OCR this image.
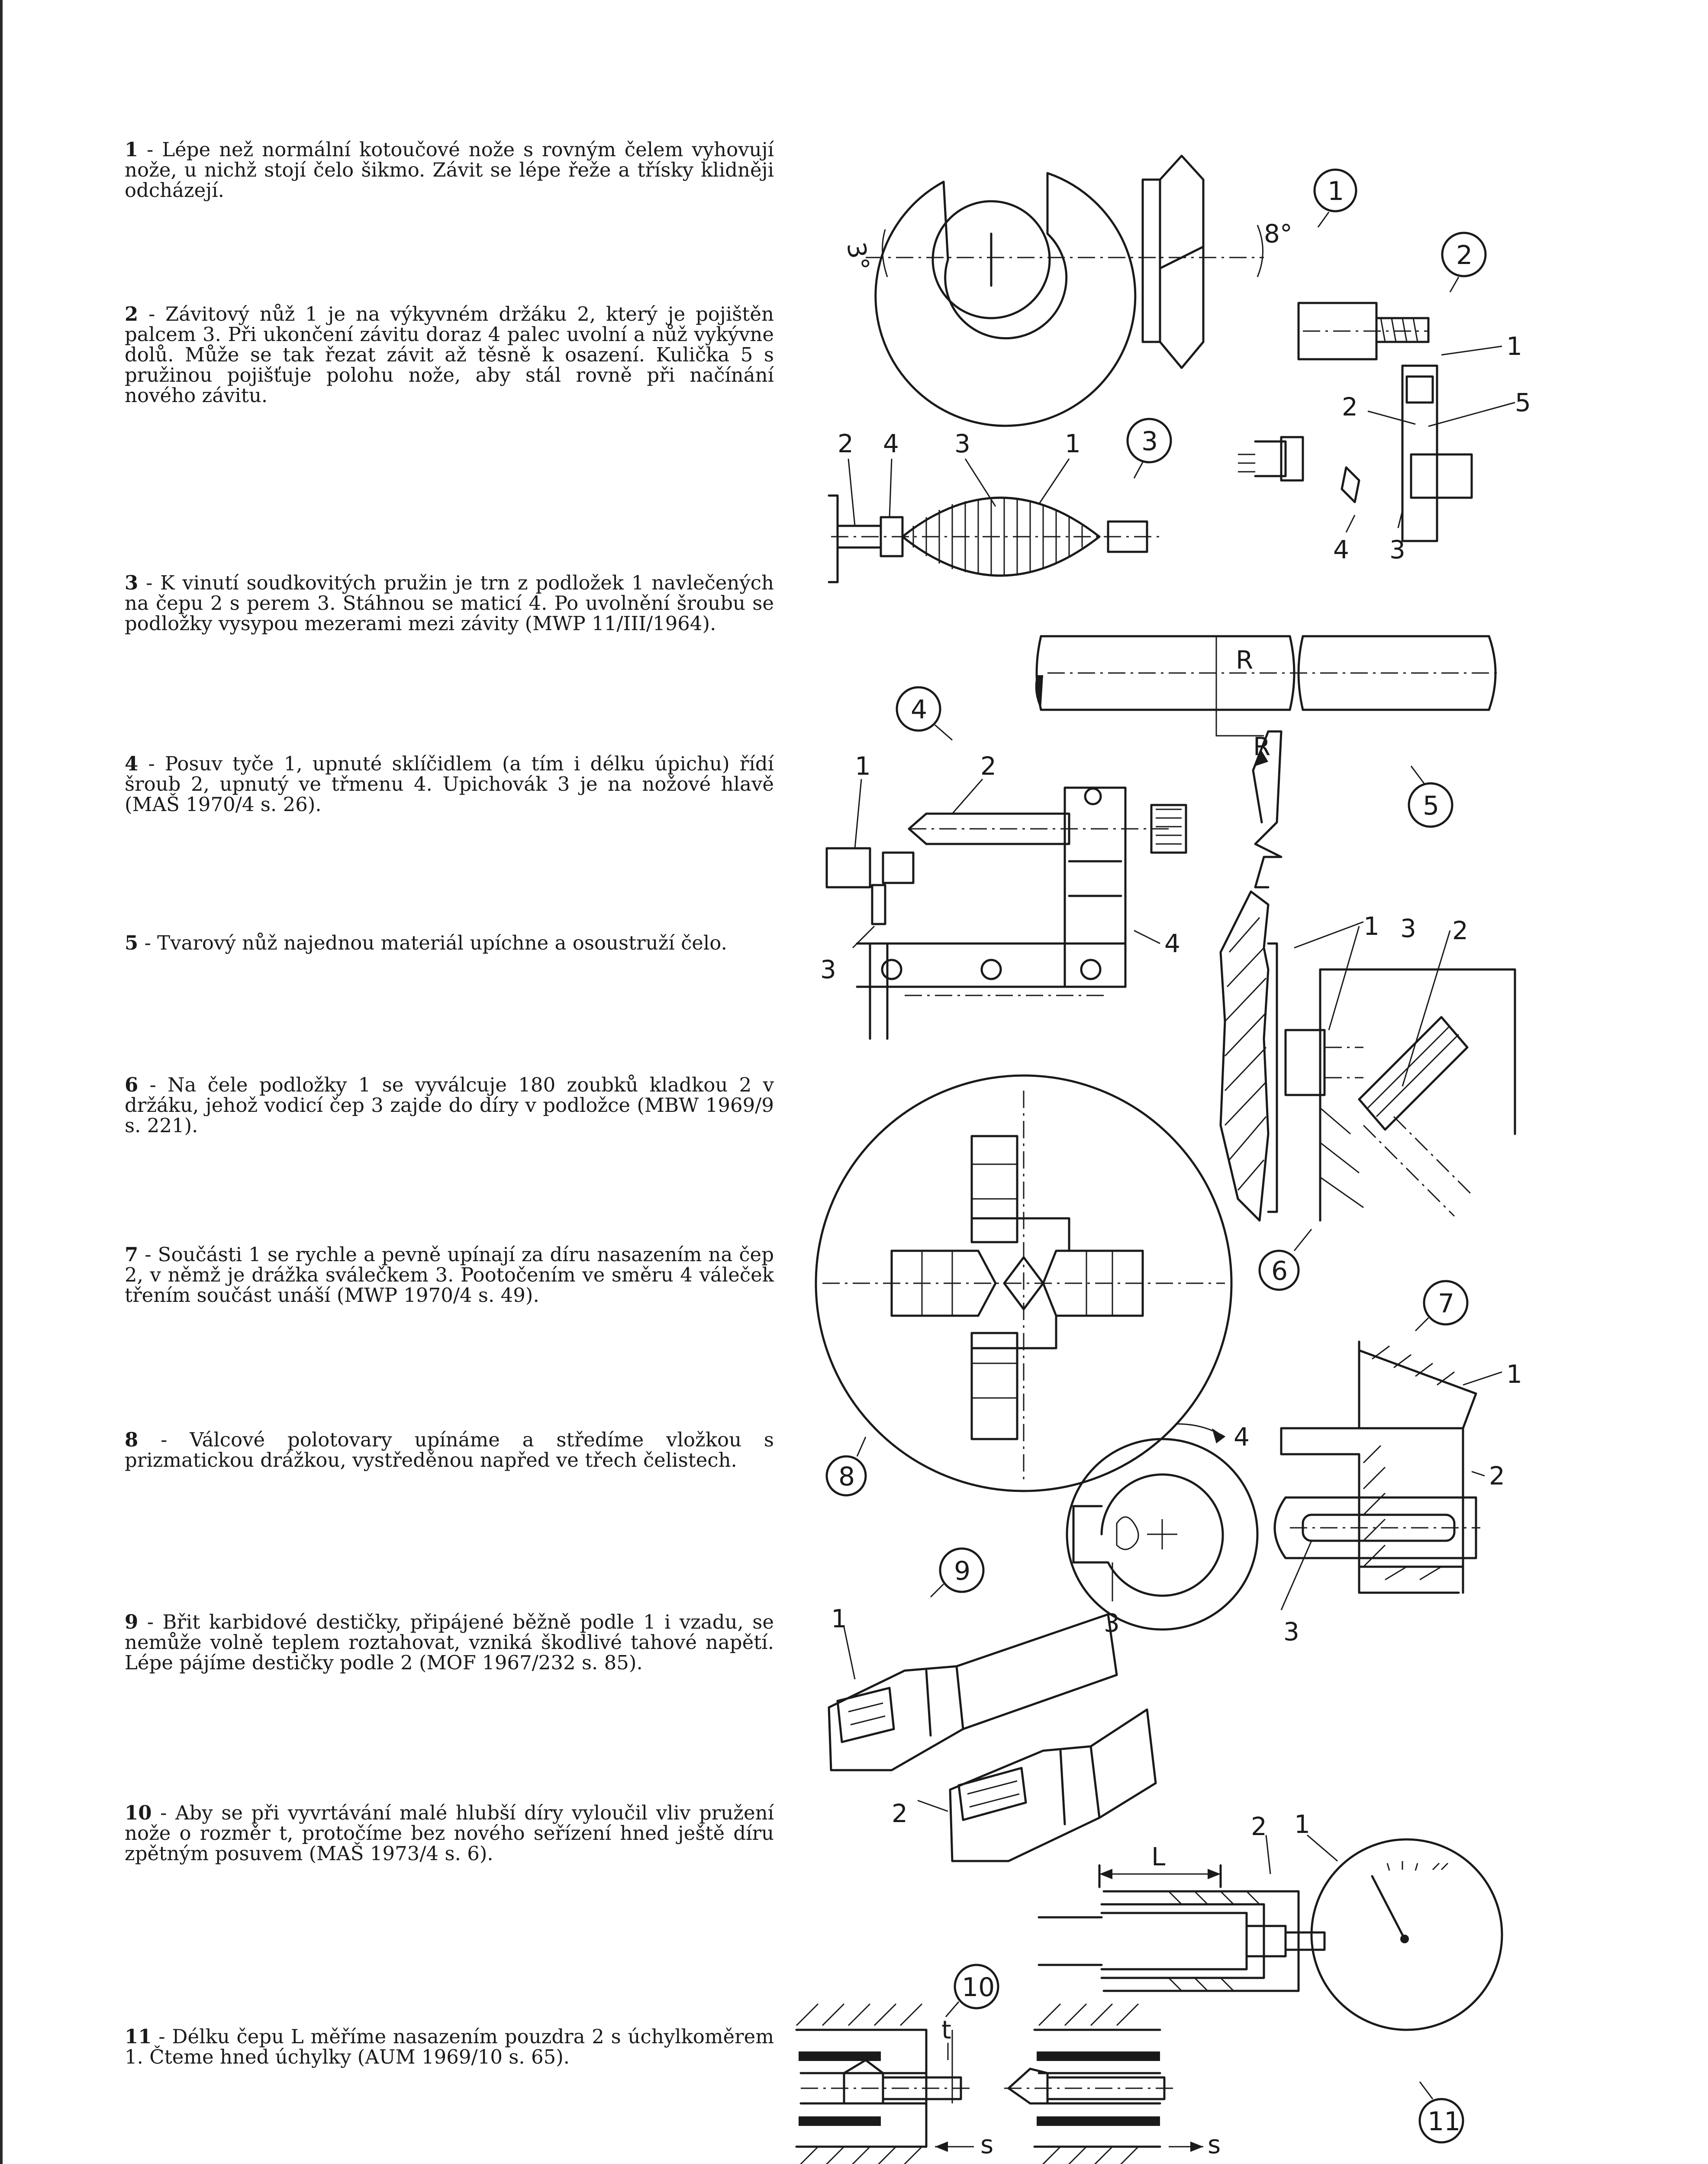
1 - Lépe než normální kotoučové nože s rovným čelem vyhovují nože, u nichž stojí čelo šikmo. Závit se lépe řeže a třísky klidněji odcházejí.

2 - Závitový nůž 1 je na výkyvném držáku 2, který je pojištěn palcem 3. Při ukončení závitu doraz 4 palec uvolní a nůž vykývne dolů. Může se tak řezat závit až těsně k osazení. Kulička 5 s pružinou pojišťuje polohu nože, aby stál rovně při načínání nového závitu.

3 - K vinutí soudkovitých pružin je trn z podložek 1 navlečených na čepu 2 s perem 3. Stáhnou se maticí 4. Po uvolnění šroubu se podložky vysypou mezerami mezi závity (MWP 11/III/1964).

4 - Posuv tyče 1, upnuté sklíčidlem (a tím i délku úpichu) řídí šroub 2, upnutý ve třmenu 4. Upichovák 3 je na nožové hlavě (MAŠ 1970/4 s. 26).

5 - Tvarový nůž najednou materiál upíchne a osoustruží čelo.

6 - Na čele podložky 1 se vyválcuje 180 zoubků kladkou 2 v držáku, jehož vodicí čep 3 zajde do díry v podložce (MBW 1969/9 s. 221).

7 - Součásti 1 se rychle a pevně upínají za díru nasazením na čep 2, v němž je drážka sválečkem 3. Pootočením ve směru 4 váleček třením součást unáší (MWP 1970/4 s. 49).

8 - Válcové polotovary upínáme a středíme vložkou s prizmatickou drážkou, vystředěnou napřed ve třech čelistech.

9 - Břit karbidové destičky, připájené běžně podle 1 i vzadu, se nemůže volně teplem roztahovat, vzniká škodlivé tahové napětí. Lépe pájíme destičky podle 2 (MOF 1967/232 s. 85).

10 - Aby se při vyvrtávání malé hlubší díry vyloučil vliv pružení nože o rozměr t, protočíme bez nového seřízení hned ještě díru zpětným posuvem (MAŠ 1973/4 s. 6).

11 - Délku čepu L měříme nasazením pouzdra 2 s úchylkoměrem 1. Čteme hned úchylky (AUM 1969/10 s. 65).

3°
8°
1
1
2	5
4 3
2
2 4 3	1 3
R
R
5
1	2
3
4
4
1 3 2
6
8
4
1
2
3	3
7
1
2
9
L
2 1
11
t
s	s
10
